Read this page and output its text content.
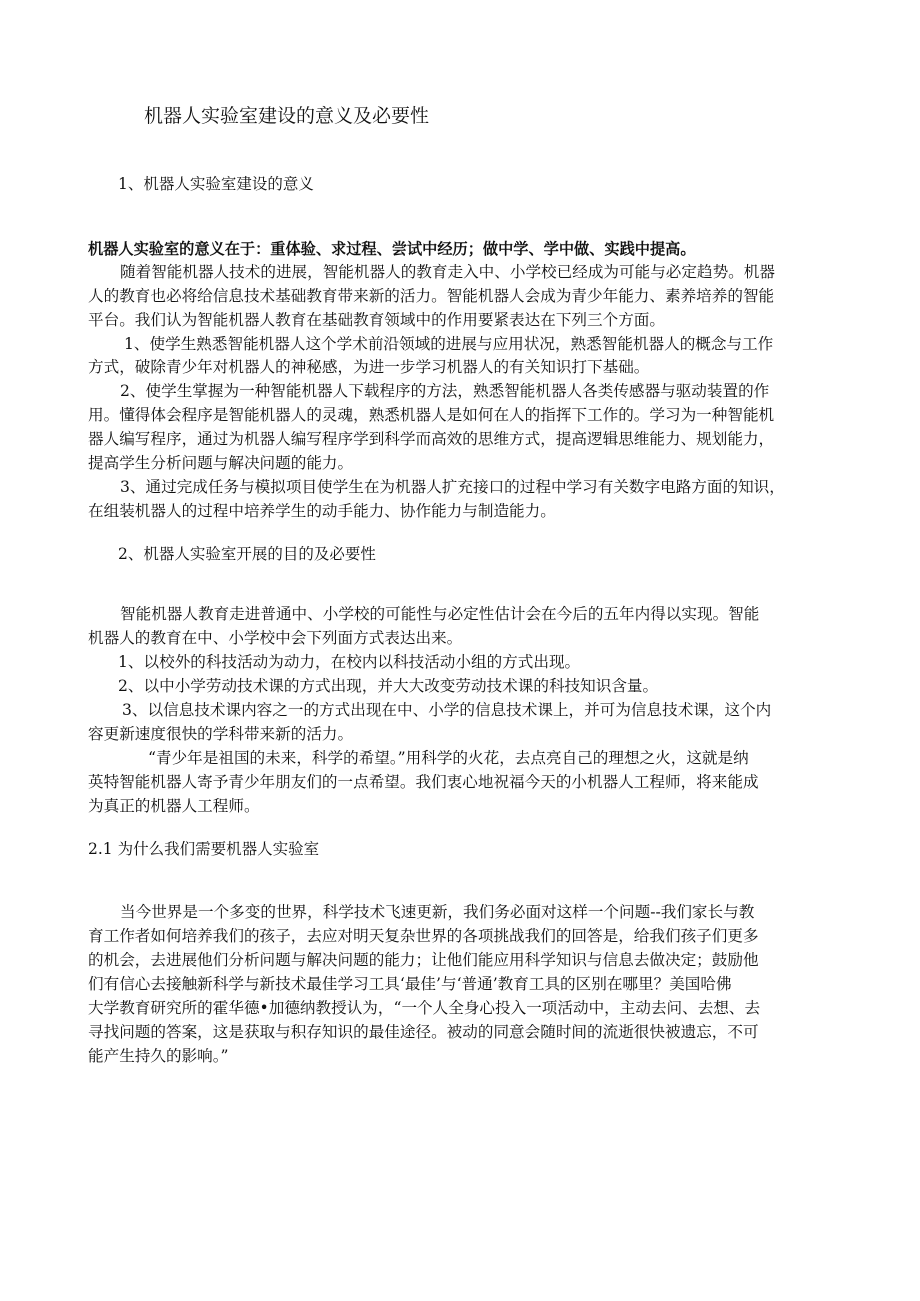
机器人实验室建设的意义及必要性
1、机器人实验室建设的意义
机器人实验室的意义在于：重体验、求过程、尝试中经历；做中学、学中做、实践中提高。
随着智能机器人技术的进展，智能机器人的教育走入中、小学校已经成为可能与必定趋势。机器
人的教育也必将给信息技术基础教育带来新的活力。智能机器人会成为青少年能力、素养培养的智能
平台。我们认为智能机器人教育在基础教育领域中的作用要紧表达在下列三个方面。
1、使学生熟悉智能机器人这个学术前沿领域的进展与应用状况，熟悉智能机器人的概念与工作
方式，破除青少年对机器人的神秘感，为进一步学习机器人的有关知识打下基础。
2、使学生掌握为一种智能机器人下载程序的方法，熟悉智能机器人各类传感器与驱动装置的作
用。懂得体会程序是智能机器人的灵魂，熟悉机器人是如何在人的指挥下工作的。学习为一种智能机
器人编写程序，通过为机器人编写程序学到科学而高效的思维方式，提高逻辑思维能力、规划能力，
提高学生分析问题与解决问题的能力。
3、通过完成任务与模拟项目使学生在为机器人扩充接口的过程中学习有关数字电路方面的知识，
在组装机器人的过程中培养学生的动手能力、协作能力与制造能力。
2、机器人实验室开展的目的及必要性
智能机器人教育走进普通中、小学校的可能性与必定性估计会在今后的五年内得以实现。智能
机器人的教育在中、小学校中会下列面方式表达出来。
1、以校外的科技活动为动力，在校内以科技活动小组的方式出现。
2、以中小学劳动技术课的方式出现，并大大改变劳动技术课的科技知识含量。
3、以信息技术课内容之一的方式出现在中、小学的信息技术课上，并可为信息技术课，这个内
容更新速度很快的学科带来新的活力。
“青少年是祖国的未来，科学的希望。”用科学的火花，去点亮自己的理想之火，这就是纳
英特智能机器人寄予青少年朋友们的一点希望。我们衷心地祝福今天的小机器人工程师，将来能成
为真正的机器人工程师。
2.1 为什么我们需要机器人实验室
当今世界是一个多变的世界，科学技术飞速更新，我们务必面对这样一个问题--我们家长与教
育工作者如何培养我们的孩子，去应对明天复杂世界的各项挑战我们的回答是，给我们孩子们更多
的机会，去进展他们分析问题与解决问题的能力；让他们能应用科学知识与信息去做决定；鼓励他
们有信心去接触新科学与新技术最佳学习工具‘最佳’与‘普通’教育工具的区别在哪里？美国哈佛
大学教育研究所的霍华德•加德纳教授认为，“一个人全身心投入一项活动中，主动去问、去想、去
寻找问题的答案，这是获取与积存知识的最佳途径。被动的同意会随时间的流逝很快被遗忘，不可
能产生持久的影响。”
